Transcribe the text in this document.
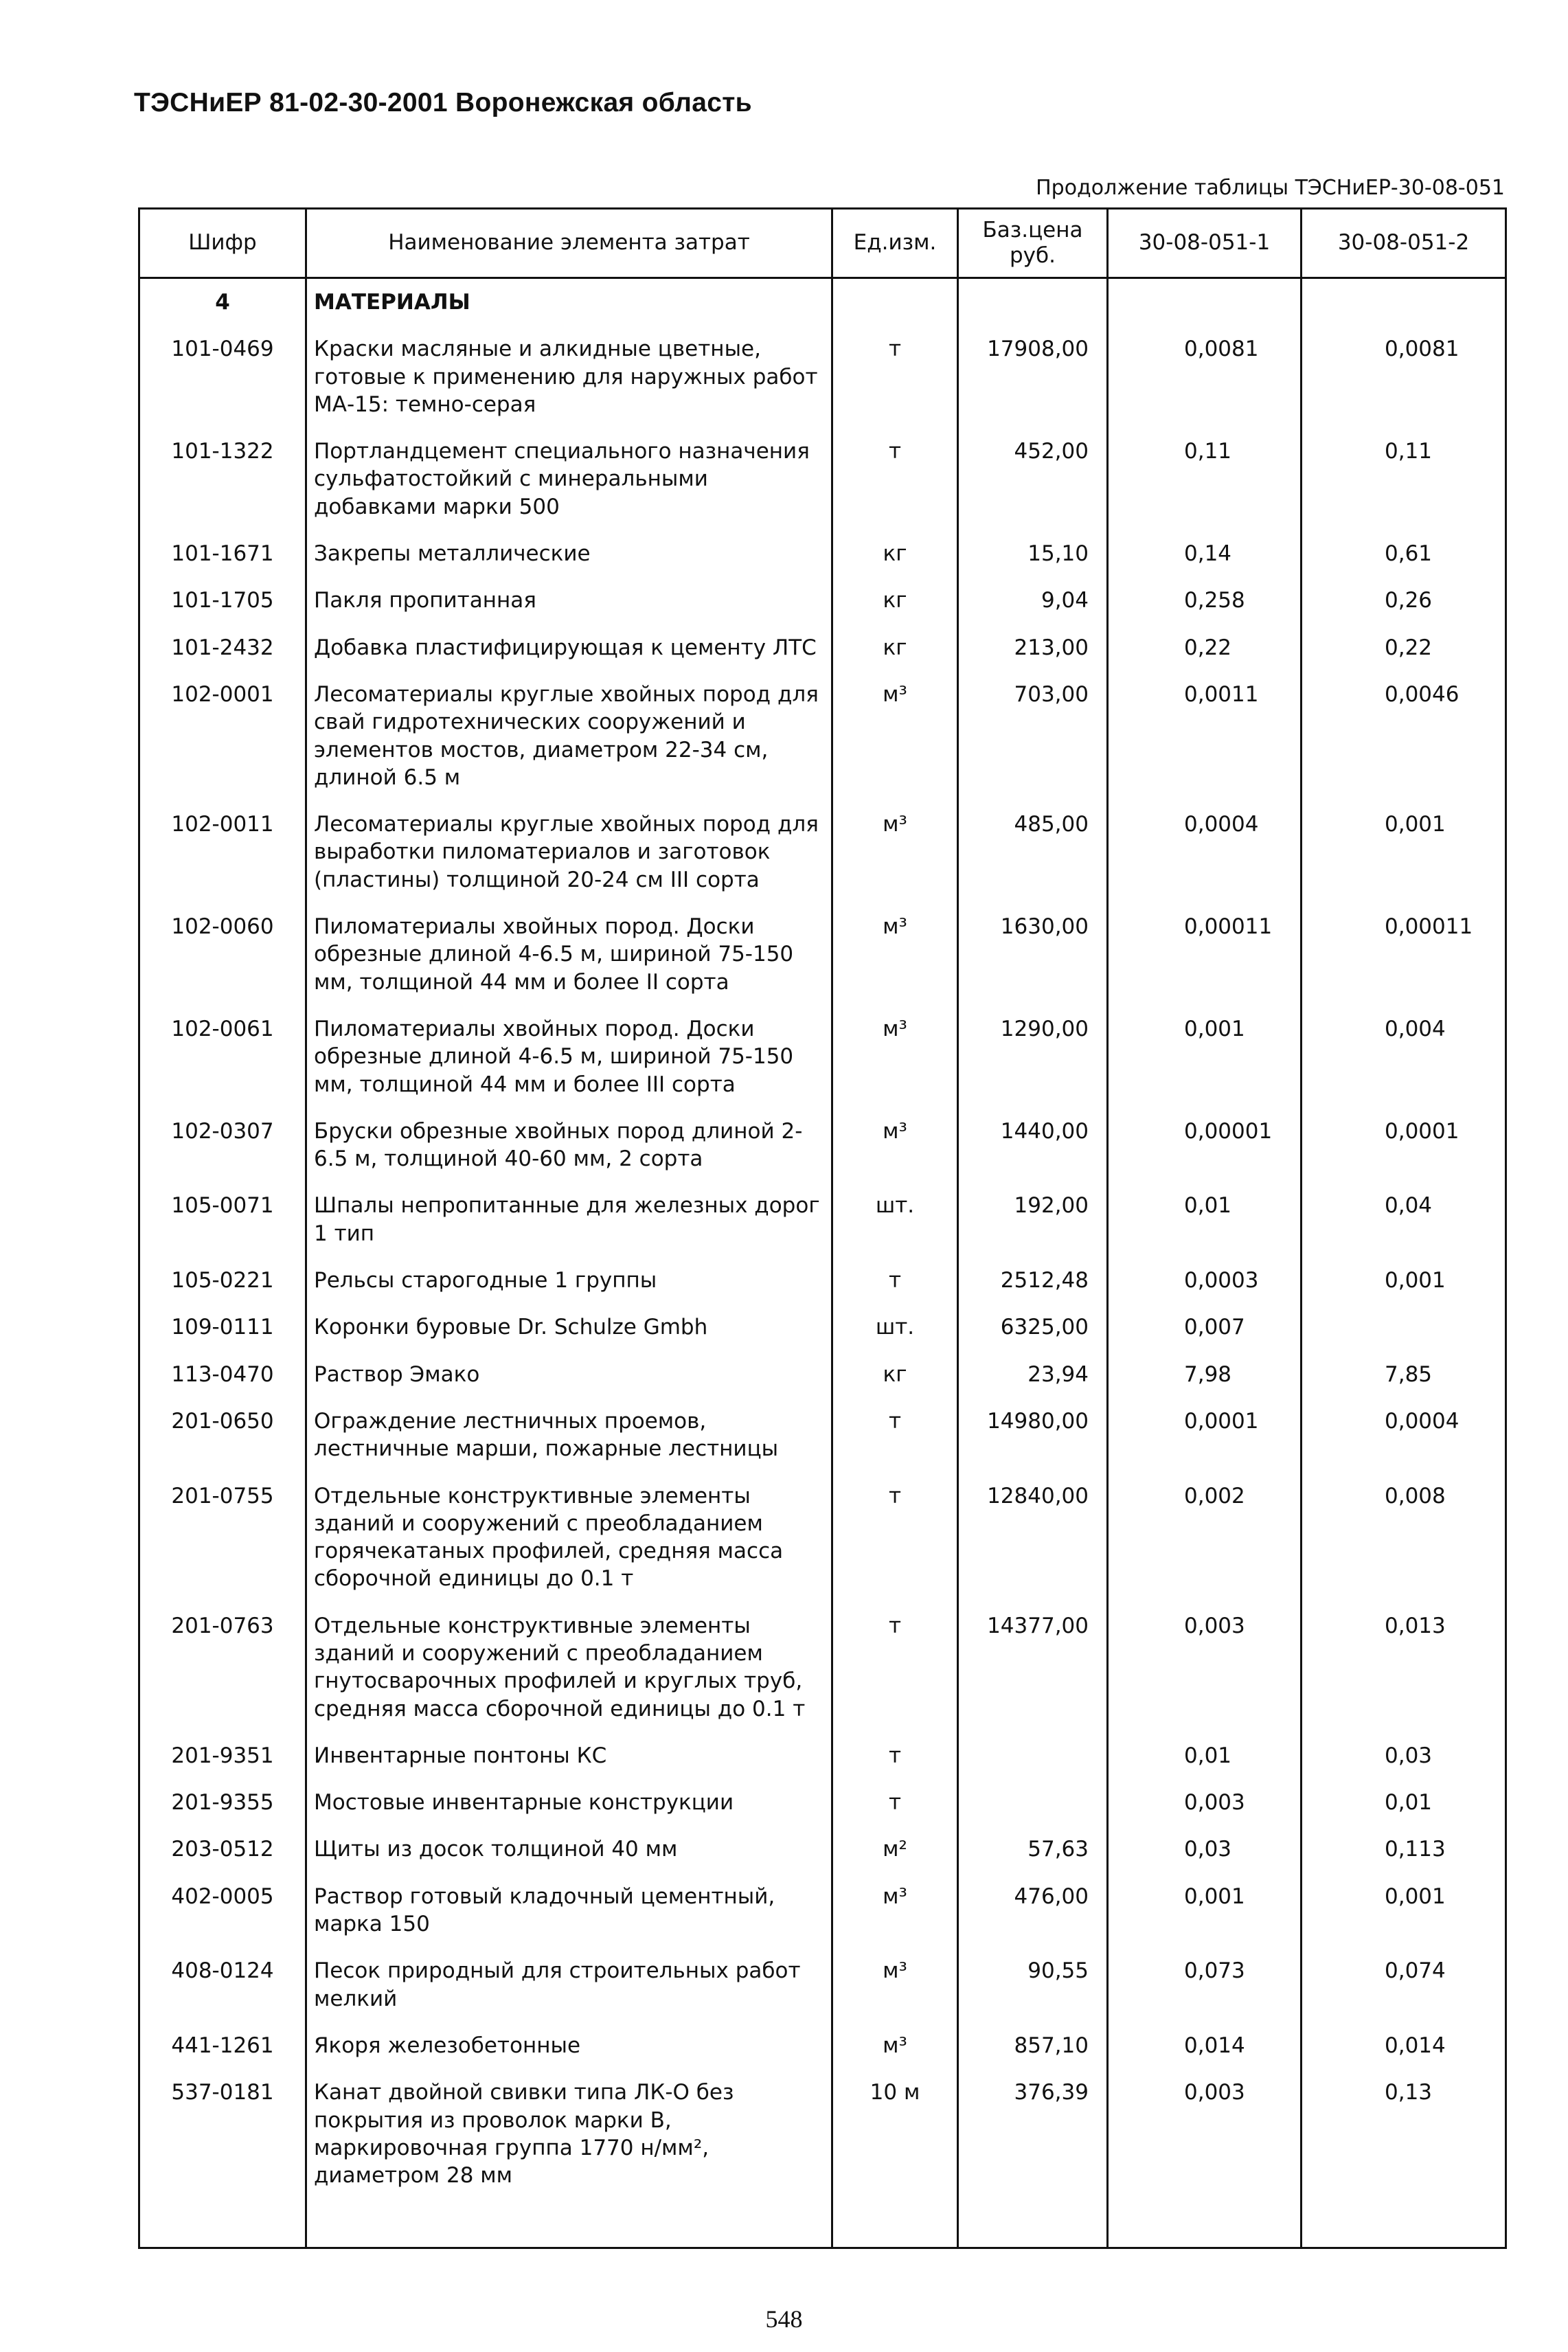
ТЭСНиЕР 81-02-30-2001 Воронежская область
Продолжение таблицы ТЭСНиЕР-30-08-051
Шифр	Наименование элемента затрат	Ед.изм.	Баз.цена руб.	30-08-051-1	30-08-051-2
4	МАТЕРИАЛЫ				
101-0469	Краски масляные и алкидные цветные, готовые к применению для наружных работ МА-15: темно-серая	т	17908,00	0,0081	0,0081
101-1322	Портландцемент специального назначения сульфатостойкий с минеральными добавками марки 500	т	452,00	0,11	0,11
101-1671	Закрепы металлические	кг	15,10	0,14	0,61
101-1705	Пакля пропитанная	кг	9,04	0,258	0,26
101-2432	Добавка пластифицирующая к цементу ЛТС	кг	213,00	0,22	0,22
102-0001	Лесоматериалы круглые хвойных пород для свай гидротехнических сооружений и элементов мостов, диаметром 22-34 см, длиной 6.5 м	м³	703,00	0,0011	0,0046
102-0011	Лесоматериалы круглые хвойных пород для выработки пиломатериалов и заготовок (пластины) толщиной 20-24 см III сорта	м³	485,00	0,0004	0,001
102-0060	Пиломатериалы хвойных пород. Доски обрезные длиной 4-6.5 м, шириной 75-150 мм, толщиной 44 мм и более II сорта	м³	1630,00	0,00011	0,00011
102-0061	Пиломатериалы хвойных пород. Доски обрезные длиной 4-6.5 м, шириной 75-150 мм, толщиной 44 мм и более III сорта	м³	1290,00	0,001	0,004
102-0307	Бруски обрезные хвойных пород длиной 2-6.5 м, толщиной 40-60 мм, 2 сорта	м³	1440,00	0,00001	0,0001
105-0071	Шпалы непропитанные для железных дорог 1 тип	шт.	192,00	0,01	0,04
105-0221	Рельсы старогодные 1 группы	т	2512,48	0,0003	0,001
109-0111	Коронки буровые Dr. Schulze Gmbh	шт.	6325,00	0,007	
113-0470	Раствор Эмако	кг	23,94	7,98	7,85
201-0650	Ограждение лестничных проемов, лестничные марши, пожарные лестницы	т	14980,00	0,0001	0,0004
201-0755	Отдельные конструктивные элементы зданий и сооружений с преобладанием горячекатаных профилей, средняя масса сборочной единицы до 0.1 т	т	12840,00	0,002	0,008
201-0763	Отдельные конструктивные элементы зданий и сооружений с преобладанием гнутосварочных профилей и круглых труб, средняя масса сборочной единицы до 0.1 т	т	14377,00	0,003	0,013
201-9351	Инвентарные понтоны КС	т		0,01	0,03
201-9355	Мостовые инвентарные конструкции	т		0,003	0,01
203-0512	Щиты из досок толщиной 40 мм	м²	57,63	0,03	0,113
402-0005	Раствор готовый кладочный цементный, марка 150	м³	476,00	0,001	0,001
408-0124	Песок природный для строительных работ мелкий	м³	90,55	0,073	0,074
441-1261	Якоря железобетонные	м³	857,10	0,014	0,014
537-0181	Канат двойной свивки типа ЛК-О без покрытия из проволок марки В, маркировочная группа 1770 н/мм², диаметром 28 мм	10 м	376,39	0,003	0,13

548
